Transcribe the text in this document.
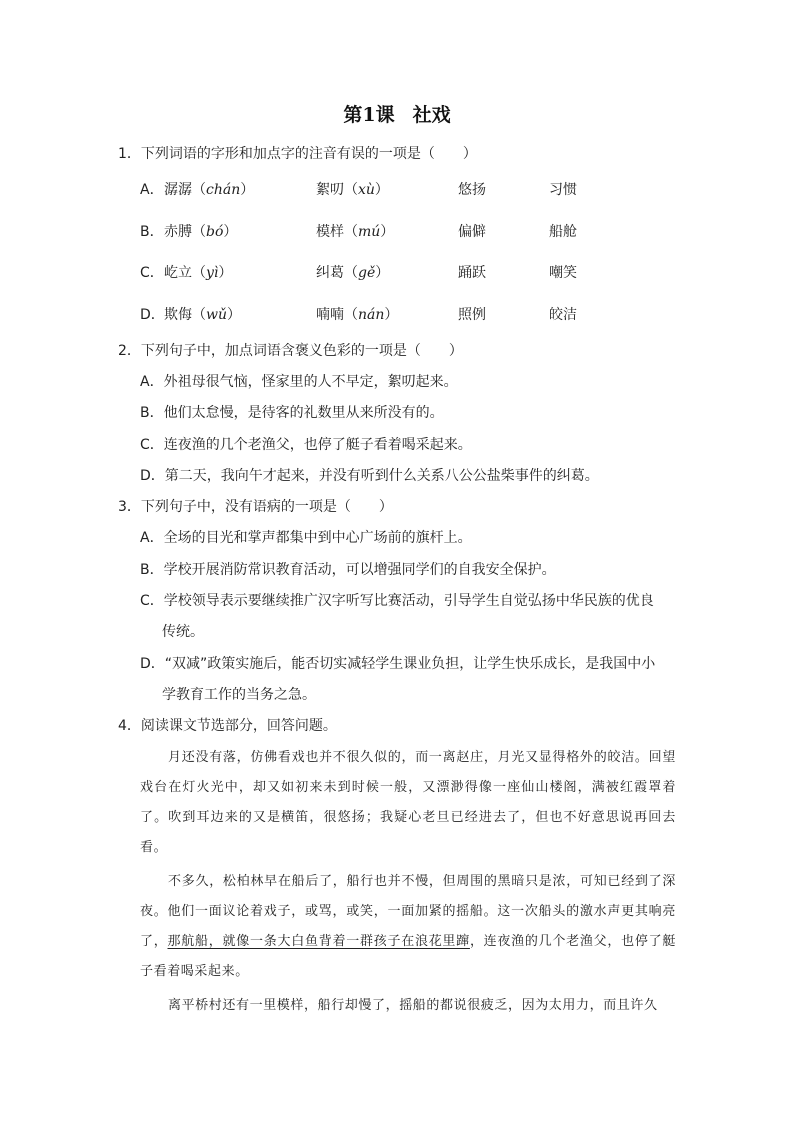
第1课 社戏
1．下列词语的字形和加点字的注音有误的一项是（　　）
A． 潺潺（chán）	絮叨（xù）	悠扬	习惯
B． 赤膊（bó）	模样（mú）	偏僻	船舱
C． 屹立（yì）	纠葛（gě）	踊跃	嘲笑
D． 欺侮（wǔ）	喃喃（nán）	照例	皎洁
2．下列句子中，加点词语含褒义色彩的一项是（　　）
A．外祖母很气恼，怪家里的人不早定，絮叨起来。
B．他们太怠慢，是待客的礼数里从来所没有的。
C．连夜渔的几个老渔父，也停了艇子看着喝采起来。
D．第二天，我向午才起来，并没有听到什么关系八公公盐柴事件的纠葛。
3．下列句子中，没有语病的一项是（　　）
A．全场的目光和掌声都集中到中心广场前的旗杆上。
B．学校开展消防常识教育活动，可以增强同学们的自我安全保护。
C．学校领导表示要继续推广汉字听写比赛活动，引导学生自觉弘扬中华民族的优良
传统。
D．“双减”政策实施后，能否切实减轻学生课业负担，让学生快乐成长，是我国中小
学教育工作的当务之急。
4．阅读课文节选部分，回答问题。
月还没有落，仿佛看戏也并不很久似的，而一离赵庄，月光又显得格外的皎洁。回望戏台在灯火光中，却又如初来未到时候一般，又漂渺得像一座仙山楼阁，满被红霞罩着了。吹到耳边来的又是横笛，很悠扬；我疑心老旦已经进去了，但也不好意思说再回去看。
不多久，松柏林早在船后了，船行也并不慢，但周围的黑暗只是浓，可知已经到了深夜。他们一面议论着戏子，或骂，或笑，一面加紧的摇船。这一次船头的激水声更其响亮了，那航船，就像一条大白鱼背着一群孩子在浪花里蹿，连夜渔的几个老渔父，也停了艇子看着喝采起来。
离平桥村还有一里模样，船行却慢了，摇船的都说很疲乏，因为太用力，而且许久
